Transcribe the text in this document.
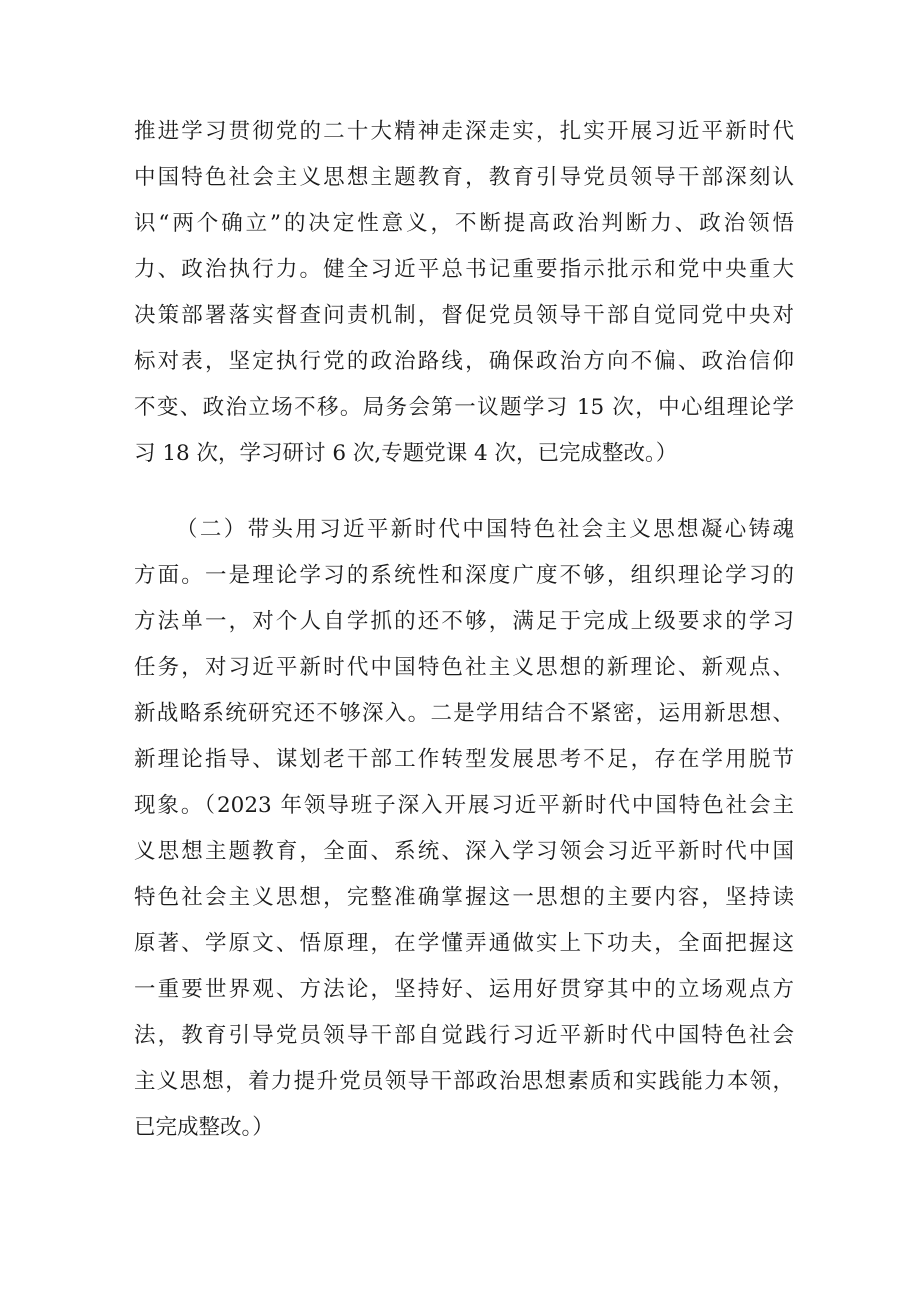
推进学习贯彻党的二十大精神走深走实，扎实开展习近平新时代
中国特色社会主义思想主题教育，教育引导党员领导干部深刻认
识“两个确立”的决定性意义，不断提高政治判断力、政治领悟
力、政治执行力。健全习近平总书记重要指示批示和党中央重大
决策部署落实督查问责机制，督促党员领导干部自觉同党中央对
标对表，坚定执行党的政治路线，确保政治方向不偏、政治信仰
不变、政治立场不移。局务会第一议题学习 15 次，中心组理论学
习 18 次，学习研讨 6 次,专题党课 4 次，已完成整改。）
（二）带头用习近平新时代中国特色社会主义思想凝心铸魂
方面。一是理论学习的系统性和深度广度不够，组织理论学习的
方法单一，对个人自学抓的还不够，满足于完成上级要求的学习
任务，对习近平新时代中国特色社主义思想的新理论、新观点、
新战略系统研究还不够深入。二是学用结合不紧密，运用新思想、
新理论指导、谋划老干部工作转型发展思考不足，存在学用脱节
现象。（2023 年领导班子深入开展习近平新时代中国特色社会主
义思想主题教育，全面、系统、深入学习领会习近平新时代中国
特色社会主义思想，完整准确掌握这一思想的主要内容，坚持读
原著、学原文、悟原理，在学懂弄通做实上下功夫，全面把握这
一重要世界观、方法论，坚持好、运用好贯穿其中的立场观点方
法，教育引导党员领导干部自觉践行习近平新时代中国特色社会
主义思想，着力提升党员领导干部政治思想素质和实践能力本领，
已完成整改。）
